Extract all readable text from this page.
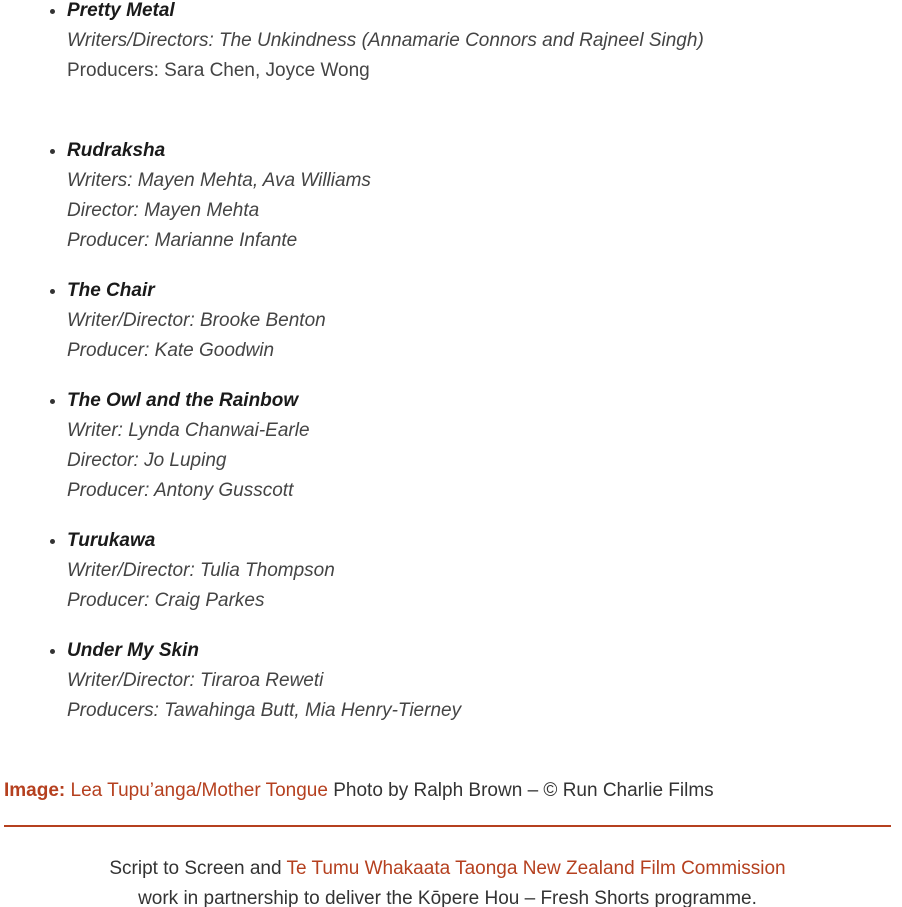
• Pretty Metal
Writers/Directors: The Unkindness (Annamarie Connors and Rajneel Singh)
Producers: Sara Chen, Joyce Wong
• Rudraksha
Writers: Mayen Mehta, Ava Williams
Director: Mayen Mehta
Producer: Marianne Infante
• The Chair
Writer/Director: Brooke Benton
Producer: Kate Goodwin
• The Owl and the Rainbow
Writer: Lynda Chanwai-Earle
Director: Jo Luping
Producer: Antony Gusscott
• Turukawa
Writer/Director: Tulia Thompson
Producer: Craig Parkes
• Under My Skin
Writer/Director: Tiraroa Reweti
Producers: Tawahinga Butt, Mia Henry-Tierney

Image: Lea Tupu’anga/Mother Tongue Photo by Ralph Brown – © Run Charlie Films

Script to Screen and Te Tumu Whakaata Taonga New Zealand Film Commission

work in partnership to deliver the Kōpere Hou – Fresh Shorts programme.
